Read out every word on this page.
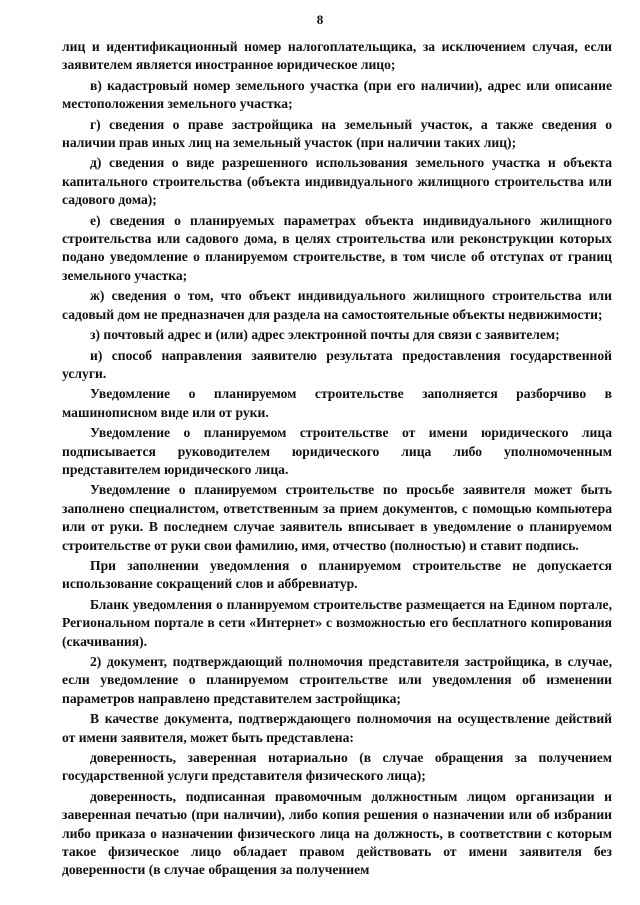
8

лиц и идентификационный номер налогоплательщика, за исключением случая, если заявителем является иностранное юридическое лицо;

в) кадастровый номер земельного участка (при его наличии), адрес или описание местоположения земельного участка;

г) сведения о праве застройщика на земельный участок, а также сведения о наличии прав иных лиц на земельный участок (при наличии таких лиц);

д) сведения о виде разрешенного использования земельного участка и объекта капитального строительства (объекта индивидуального жилищного строительства или садового дома);

е) сведения о планируемых параметрах объекта индивидуального жилищного строительства или садового дома, в целях строительства или реконструкции которых подано уведомление о планируемом строительстве, в том числе об отступах от границ земельного участка;

ж) сведения о том, что объект индивидуального жилищного строительства или садовый дом не предназначен для раздела на самостоятельные объекты недвижимости;

з) почтовый адрес и (или) адрес электронной почты для связи с заявителем;

и) способ направления заявителю результата предоставления государственной услуги.

Уведомление о планируемом строительстве заполняется разборчиво в машинописном виде или от руки.

Уведомление о планируемом строительстве от имени юридического лица подписывается руководителем юридического лица либо уполномоченным представителем юридического лица.

Уведомление о планируемом строительстве по просьбе заявителя может быть заполнено специалистом, ответственным за прием документов, с помощью компьютера или от руки. В последнем случае заявитель вписывает в уведомление о планируемом строительстве от руки свои фамилию, имя, отчество (полностью) и ставит подпись.

При заполнении уведомления о планируемом строительстве не допускается использование сокращений слов и аббревиатур.

Бланк уведомления о планируемом строительстве размещается на Едином портале, Региональном портале в сети «Интернет» с возможностью его бесплатного копирования (скачивания).

2) документ, подтверждающий полномочия представителя застройщика, в случае, если уведомление о планируемом строительстве или уведомления об изменении параметров направлено представителем застройщика;

В качестве документа, подтверждающего полномочия на осуществление действий от имени заявителя, может быть представлена:

доверенность, заверенная нотариально (в случае обращения за получением государственной услуги представителя физического лица);

доверенность, подписанная правомочным должностным лицом организации и заверенная печатью (при наличии), либо копия решения о назначении или об избрании либо приказа о назначении физического лица на должность, в соответствии с которым такое физическое лицо обладает правом действовать от имени заявителя без доверенности (в случае обращения за получением
